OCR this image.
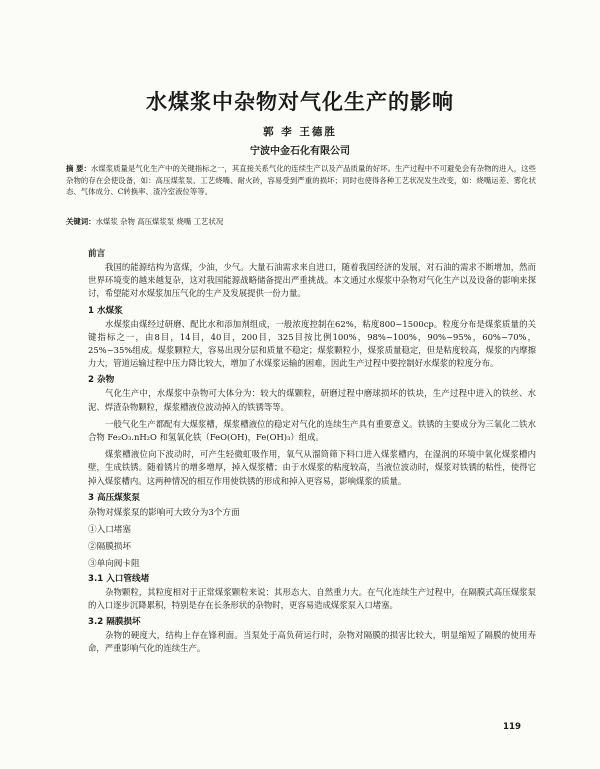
水煤浆中杂物对气化生产的影响
郭 李 王德胜
宁波中金石化有限公司

摘 要：水煤浆质量是气化生产中的关键指标之一，其直接关系气化的连续生产以及产品质量的好坏。生产过程中不可避免会有杂物的进入，这些杂物的存在会使设备，如：高压煤浆泵、工艺烧嘴、耐火砖，容易受到严重的损坏；同时也使得各种工艺状况发生改变，如：烧嘴运差、雾化状态、气体成分、C转换率、渣冷室液位等等。

关键词：水煤浆 杂物 高压煤浆泵 烧嘴 工艺状况

前言

我国的能源结构为富煤，少油，少气。大量石油需求来自进口，随着我国经济的发展，对石油的需求不断增加，然而世界环境变的越来越复杂，这对我国能源战略储备提出严重挑战。本文通过水煤浆中杂物对气化生产以及设备的影响来探讨，希望能对水煤浆加压气化的生产及发展提供一份力量。

1 水煤浆

水煤浆由煤经过研磨、配比水和添加剂组成，一般浓度控制在62%，粘度800~1500cp。粒度分布是煤浆质量的关键指标之一，由8目，14目，40目，200目，325目按比例100%，98%~100%，90%~95%，60%~70%，25%~35%组成。煤浆颗粒大，容易出现分层和质量不稳定；煤浆颗粒小，煤浆质量稳定，但是粘度较高，煤浆的内摩擦力大，管道运输过程中压力降比较大，增加了水煤浆运输的困难，因此生产过程中要控制好水煤浆的粒度分布。

2 杂物

气化生产中，水煤浆中杂物可大体分为：较大的煤颗粒，研磨过程中磨球损坏的铁块，生产过程中进入的铁丝、水泥、焊渣杂物颗粒，煤浆槽液位波动掉入的铁锈等等。

一般气化生产都配有大煤浆槽，煤浆槽液位的稳定对气化的连续生产具有重要意义。铁锈的主要成分为三氧化二铁水合物 Fe₂O₃.nH₂O 和氢氧化铁（FeO(OH)，Fe(OH)₃）组成。

煤浆槽液位向下波动时，可产生轻微虹吸作用，氧气从溜筒筛下料口进入煤浆槽内，在湿润的环境中氧化煤浆槽内壁，生成铁锈。随着锈片的增多增厚，掉入煤浆槽；由于水煤浆的粘度较高，当液位波动时，煤浆对铁锈的粘性，使得它掉入煤浆槽内。这两种情况的相互作用使铁锈的形成和掉入更容易，影响煤浆的质量。

3 高压煤浆泵

杂物对煤浆泵的影响可大致分为3个方面

①入口堵塞

②隔膜损坏

③单向阀卡阻

3.1 入口管线堵

杂物颗粒，其粒度相对于正常煤浆颗粒来说：其形态大、自然重力大。在气化连续生产过程中，在隔膜式高压煤浆泵的入口逐步沉降累积，特别是存在长条形状的杂物时，更容易造成煤浆泵入口堵塞。

3.2 隔膜损坏

杂物的硬度大，结构上存在锋利面。当泵处于高负荷运行时，杂物对隔膜的损害比较大，明显缩短了隔膜的使用寿命，严重影响气化的连续生产。

119
